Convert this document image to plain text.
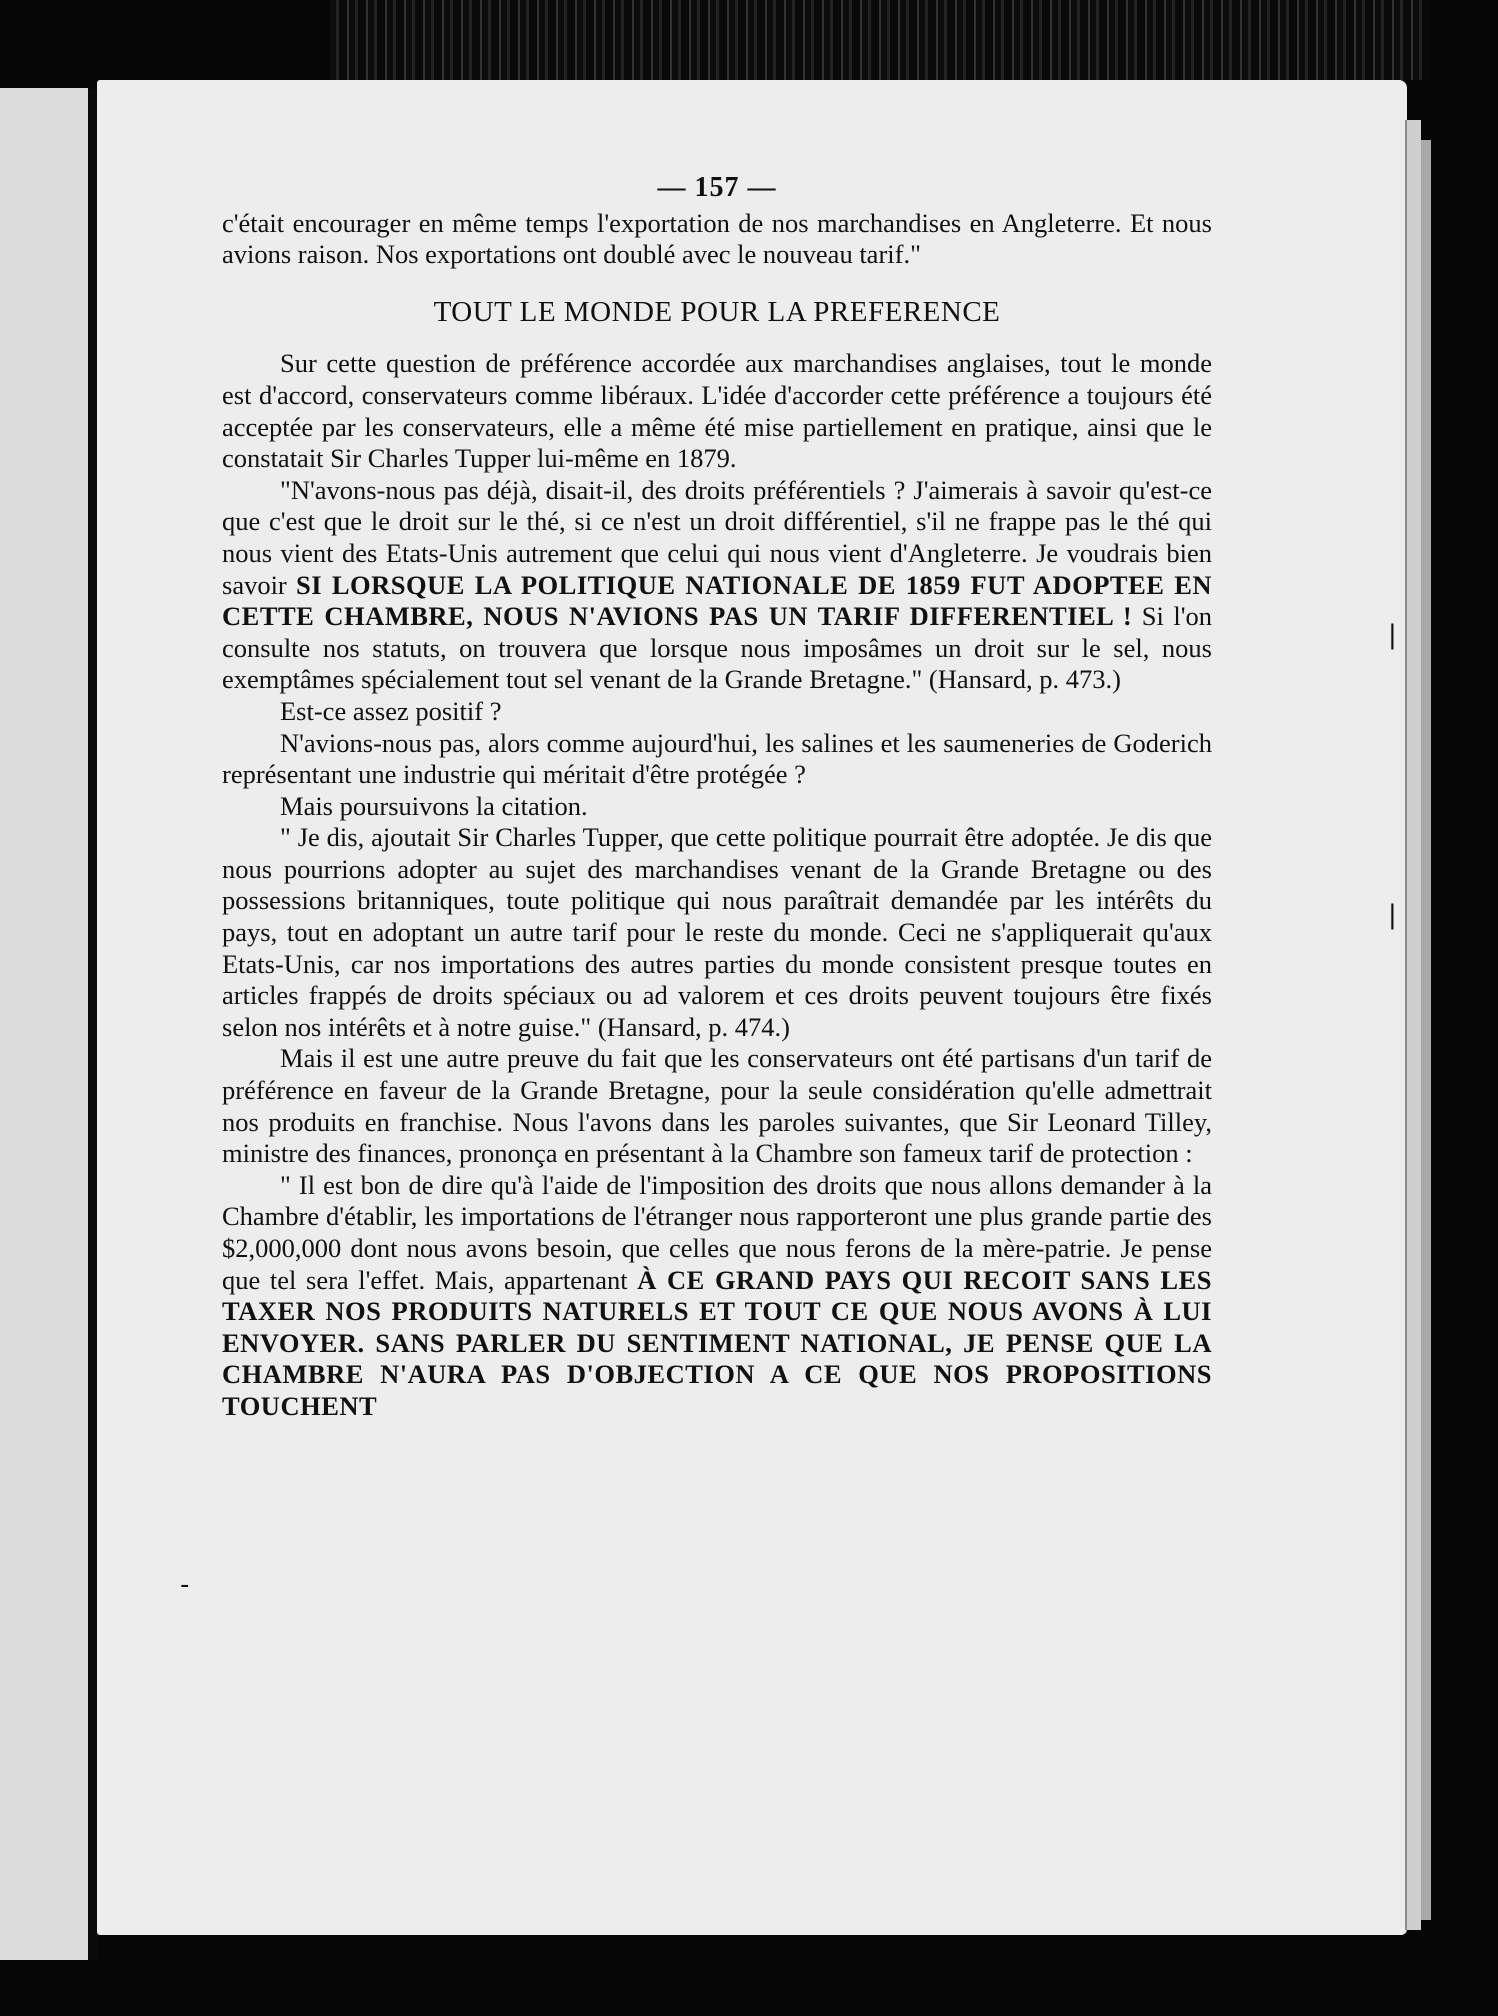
|
|
-
— 157 —

c'était encourager en même temps l'exportation de nos marchandises en Angleterre. Et nous avions raison. Nos exportations ont doublé avec le nouveau tarif."

TOUT LE MONDE POUR LA PREFERENCE

Sur cette question de préférence accordée aux marchandises anglaises, tout le monde est d'accord, conservateurs comme libéraux. L'idée d'accorder cette préférence a toujours été acceptée par les conservateurs, elle a même été mise partiellement en pratique, ainsi que le constatait Sir Charles Tupper lui-même en 1879.

"N'avons-nous pas déjà, disait-il, des droits préférentiels ? J'aimerais à savoir qu'est-ce que c'est que le droit sur le thé, si ce n'est un droit différentiel, s'il ne frappe pas le thé qui nous vient des Etats-Unis autrement que celui qui nous vient d'Angleterre. Je voudrais bien savoir SI LORSQUE LA POLITIQUE NATIONALE DE 1859 FUT ADOPTEE EN CETTE CHAMBRE, NOUS N'AVIONS PAS UN TARIF DIFFERENTIEL ! Si l'on consulte nos statuts, on trouvera que lorsque nous imposâmes un droit sur le sel, nous exemptâmes spécialement tout sel venant de la Grande Bretagne." (Hansard, p. 473.)

Est-ce assez positif ?

N'avions-nous pas, alors comme aujourd'hui, les salines et les saumeneries de Goderich représentant une industrie qui méritait d'être protégée ?

Mais poursuivons la citation.

" Je dis, ajoutait Sir Charles Tupper, que cette politique pourrait être adoptée. Je dis que nous pourrions adopter au sujet des marchandises venant de la Grande Bretagne ou des possessions britanniques, toute politique qui nous paraîtrait demandée par les intérêts du pays, tout en adoptant un autre tarif pour le reste du monde. Ceci ne s'appliquerait qu'aux Etats-Unis, car nos importations des autres parties du monde consistent presque toutes en articles frappés de droits spéciaux ou ad valorem et ces droits peuvent toujours être fixés selon nos intérêts et à notre guise." (Hansard, p. 474.)

Mais il est une autre preuve du fait que les conservateurs ont été partisans d'un tarif de préférence en faveur de la Grande Bretagne, pour la seule considération qu'elle admettrait nos produits en franchise. Nous l'avons dans les paroles suivantes, que Sir Leonard Tilley, ministre des finances, prononça en présentant à la Chambre son fameux tarif de protection :

" Il est bon de dire qu'à l'aide de l'imposition des droits que nous allons demander à la Chambre d'établir, les importations de l'étranger nous rapporteront une plus grande partie des $2,000,000 dont nous avons besoin, que celles que nous ferons de la mère-patrie. Je pense que tel sera l'effet. Mais, appartenant À CE GRAND PAYS QUI RECOIT SANS LES TAXER NOS PRODUITS NATURELS ET TOUT CE QUE NOUS AVONS À LUI ENVOYER. SANS PARLER DU SENTIMENT NATIONAL, JE PENSE QUE LA CHAMBRE N'AURA PAS D'OBJECTION A CE QUE NOS PROPOSITIONS TOUCHENT
